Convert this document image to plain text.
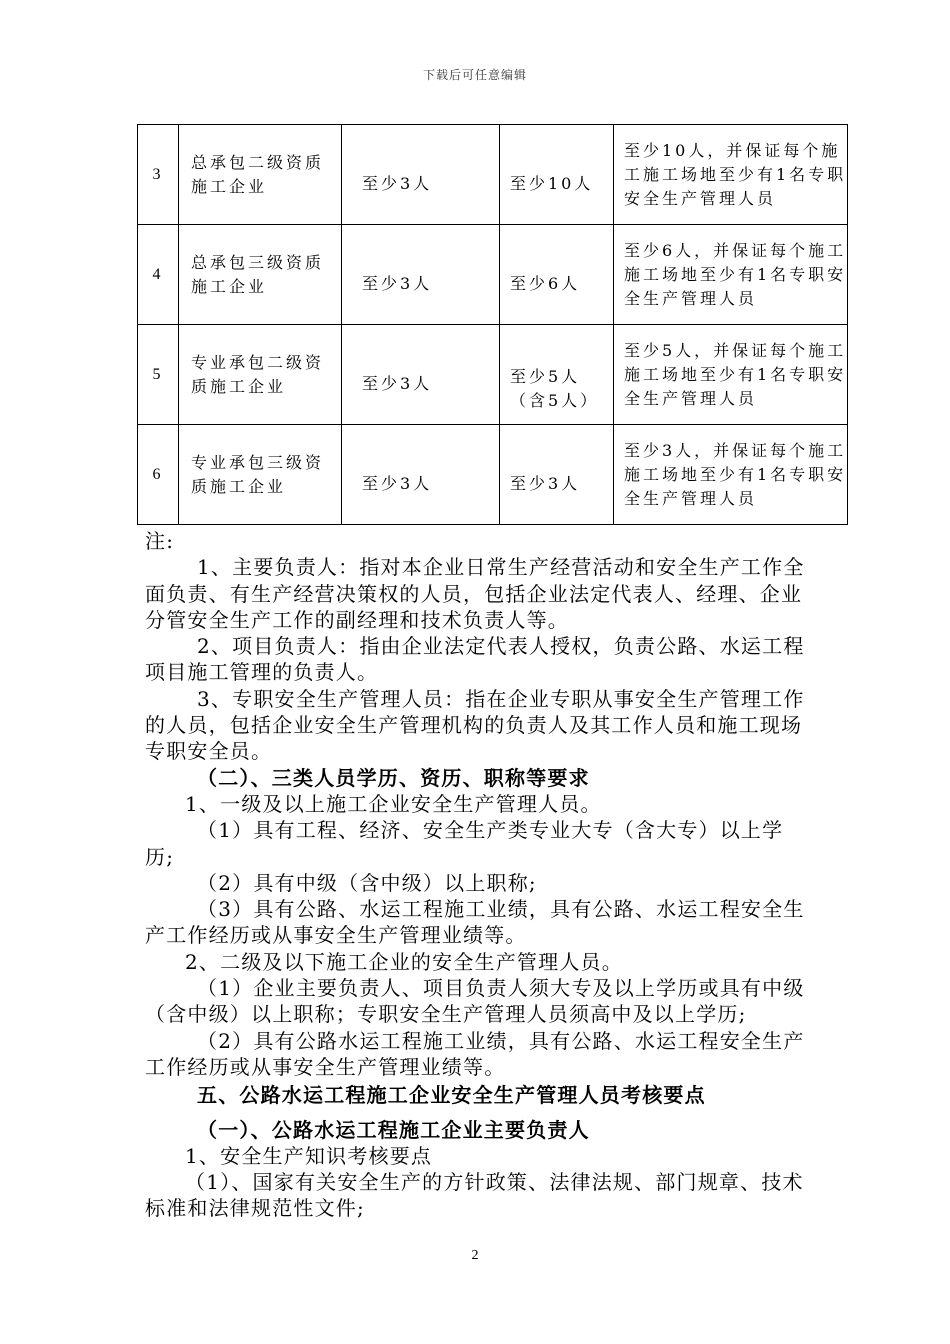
下载后可任意编辑
3	总承包二级资质施工企业	至少3人	至少10人	至少10人，并保证每个施工施工场地至少有1名专职安全生产管理人员
4	总承包三级资质施工企业	至少3人	至少6人	至少6人，并保证每个施工施工场地至少有1名专职安全生产管理人员
5	专业承包二级资质施工企业	至少3人	至少5人（含5人）	至少5人，并保证每个施工施工场地至少有1名专职安全生产管理人员
6	专业承包三级资质施工企业	至少3人	至少3人	至少3人，并保证每个施工施工场地至少有1名专职安全生产管理人员

注:

1、主要负责人：指对本企业日常生产经营活动和安全生产工作全面负责、有生产经营决策权的人员，包括企业法定代表人、经理、企业分管安全生产工作的副经理和技术负责人等。

2、项目负责人：指由企业法定代表人授权，负责公路、水运工程项目施工管理的负责人。

3、专职安全生产管理人员：指在企业专职从事安全生产管理工作的人员，包括企业安全生产管理机构的负责人及其工作人员和施工现场专职安全员。

（二）、三类人员学历、资历、职称等要求

1、一级及以上施工企业安全生产管理人员。

（1）具有工程、经济、安全生产类专业大专（含大专）以上学历;

（2）具有中级（含中级）以上职称;

（3）具有公路、水运工程施工业绩，具有公路、水运工程安全生产工作经历或从事安全生产管理业绩等。

2、二级及以下施工企业的安全生产管理人员。

（1）企业主要负责人、项目负责人须大专及以上学历或具有中级（含中级）以上职称；专职安全生产管理人员须高中及以上学历;

（2）具有公路水运工程施工业绩，具有公路、水运工程安全生产工作经历或从事安全生产管理业绩等。

五、公路水运工程施工企业安全生产管理人员考核要点

（一）、公路水运工程施工企业主要负责人

1、安全生产知识考核要点

（1）、国家有关安全生产的方针政策、法律法规、部门规章、技术标准和法律规范性文件;

2
